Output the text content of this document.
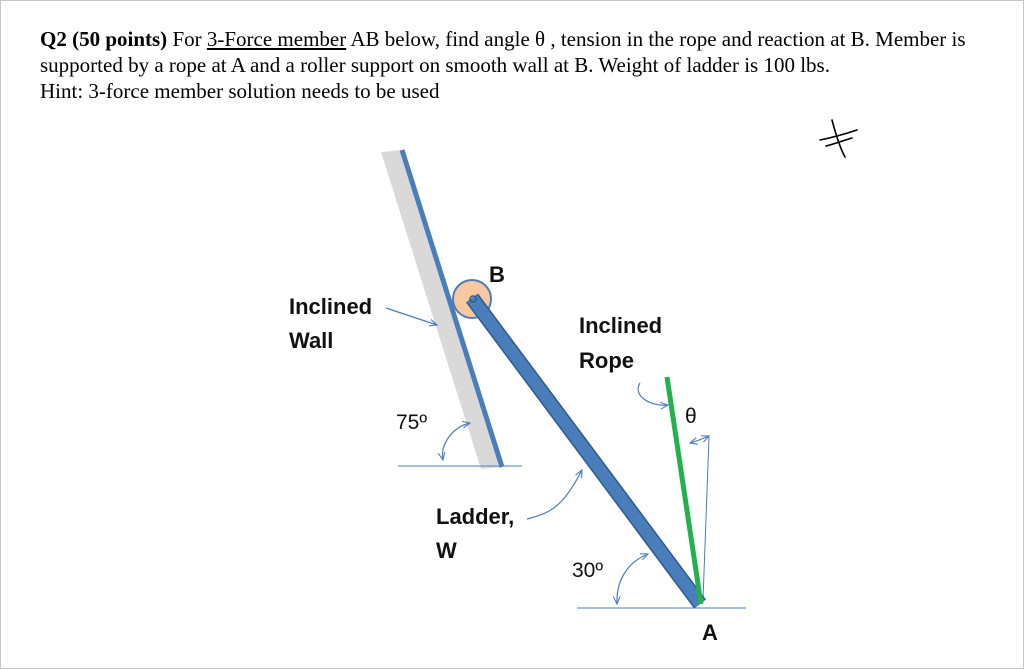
Q2 (50 points) For 3-Force member AB below, find angle θ , tension in the rope and reaction at B. Member is supported by a rope at A and a roller support on smooth wall at B. Weight of ladder is 100 lbs.

Hint: 3-force member solution needs to be used

B
A
Inclined
Wall
Inclined
Rope
Ladder,
W
θ
75º
30º
